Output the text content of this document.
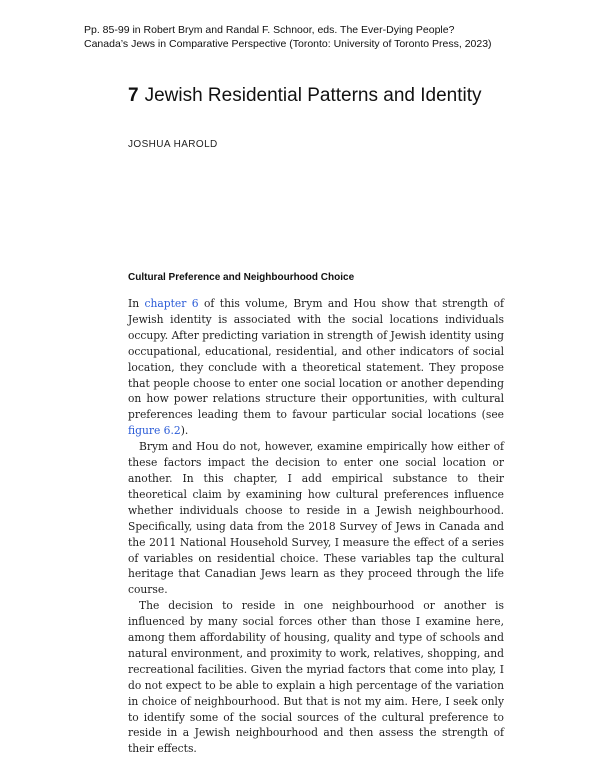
Pp. 85-99 in Robert Brym and Randal F. Schnoor, eds. The Ever-Dying People?
Canada’s Jews in Comparative Perspective (Toronto: University of Toronto Press, 2023)
7 Jewish Residential Patterns and Identity
JOSHUA HAROLD
Cultural Preference and Neighbourhood Choice

In chapter 6 of this volume, Brym and Hou show that strength of Jewish identity is associated with the social locations individuals occupy. After predicting variation in strength of Jewish identity using occupational, educational, residential, and other indicators of social location, they conclude with a theoretical statement. They propose that people choose to enter one social location or another depending on how power relations structure their opportunities, with cultural preferences leading them to favour particular social locations (see figure 6.2).

Brym and Hou do not, however, examine empirically how either of these factors impact the decision to enter one social location or another. In this chapter, I add empirical substance to their theoretical claim by examining how cultural preferences influence whether individuals choose to reside in a Jewish neighbourhood. Specifically, using data from the 2018 Survey of Jews in Canada and the 2011 National Household Survey, I measure the effect of a series of variables on residential choice. These variables tap the cultural heritage that Canadian Jews learn as they proceed through the life course.

The decision to reside in one neighbourhood or another is influenced by many social forces other than those I examine here, among them affordability of housing, quality and type of schools and natural environment, and proximity to work, relatives, shopping, and recreational facilities. Given the myriad factors that come into play, I do not expect to be able to explain a high percentage of the variation in choice of neighbourhood. But that is not my aim. Here, I seek only to identify some of the social sources of the cultural preference to reside in a Jewish neighbourhood and then assess the strength of their effects.
